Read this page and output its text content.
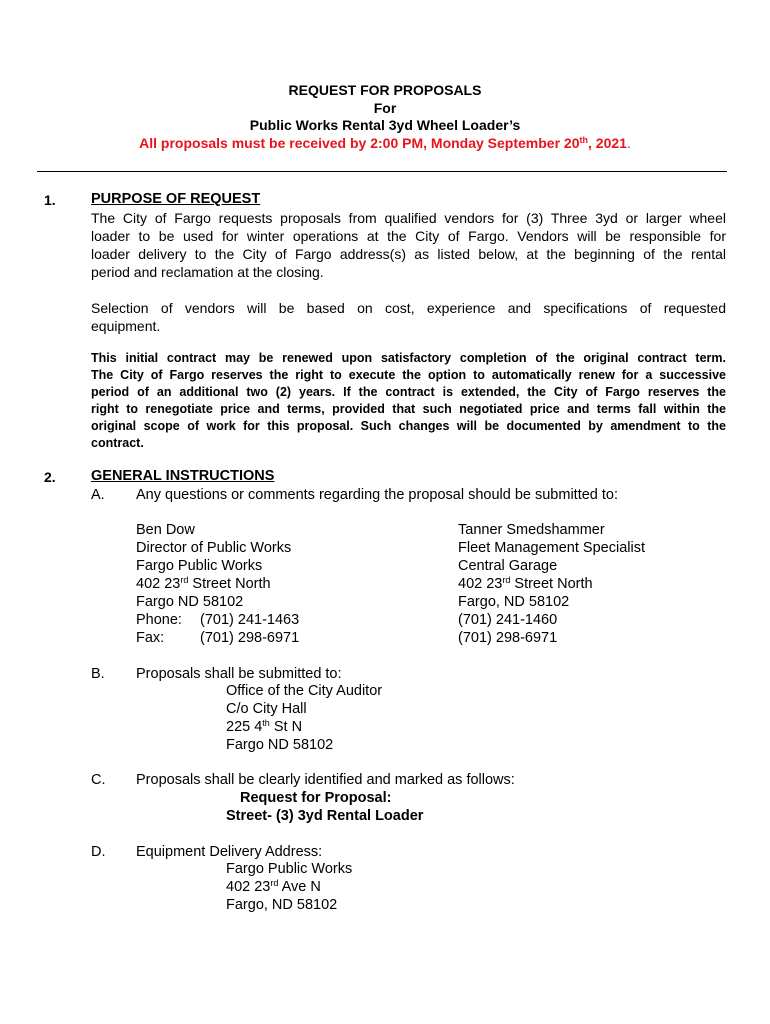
REQUEST FOR PROPOSALS
For
Public Works Rental 3yd Wheel Loader’s
All proposals must be received by 2:00 PM, Monday September 20th, 2021.
1. PURPOSE OF REQUEST
The City of Fargo requests proposals from qualified vendors for (3) Three 3yd or larger wheel
loader to be used for winter operations at the City of Fargo. Vendors will be responsible for
loader delivery to the City of Fargo address(s) as listed below, at the beginning of the rental
period and reclamation at the closing.
Selection of vendors will be based on cost, experience and specifications of requested
equipment.
This initial contract may be renewed upon satisfactory completion of the original contract term.
The City of Fargo reserves the right to execute the option to automatically renew for a successive
period of an additional two (2) years. If the contract is extended, the City of Fargo reserves the
right to renegotiate price and terms, provided that such negotiated price and terms fall within the
original scope of work for this proposal. Such changes will be documented by amendment to the
contract.
2. GENERAL INSTRUCTIONS
A. Any questions or comments regarding the proposal should be submitted to:
Ben Dow
Director of Public Works
Fargo Public Works
402 23rd Street North
Fargo ND 58102
Phone: (701) 241-1463
Fax: (701) 298-6971
Tanner Smedshammer
Fleet Management Specialist
Central Garage
402 23rd Street North
Fargo, ND 58102
(701) 241-1460
(701) 298-6971
B. Proposals shall be submitted to:
Office of the City Auditor
C/o City Hall
225 4th St N
Fargo ND 58102
C. Proposals shall be clearly identified and marked as follows:
Request for Proposal:
Street- (3) 3yd Rental Loader
D. Equipment Delivery Address:
Fargo Public Works
402 23rd Ave N
Fargo, ND 58102
